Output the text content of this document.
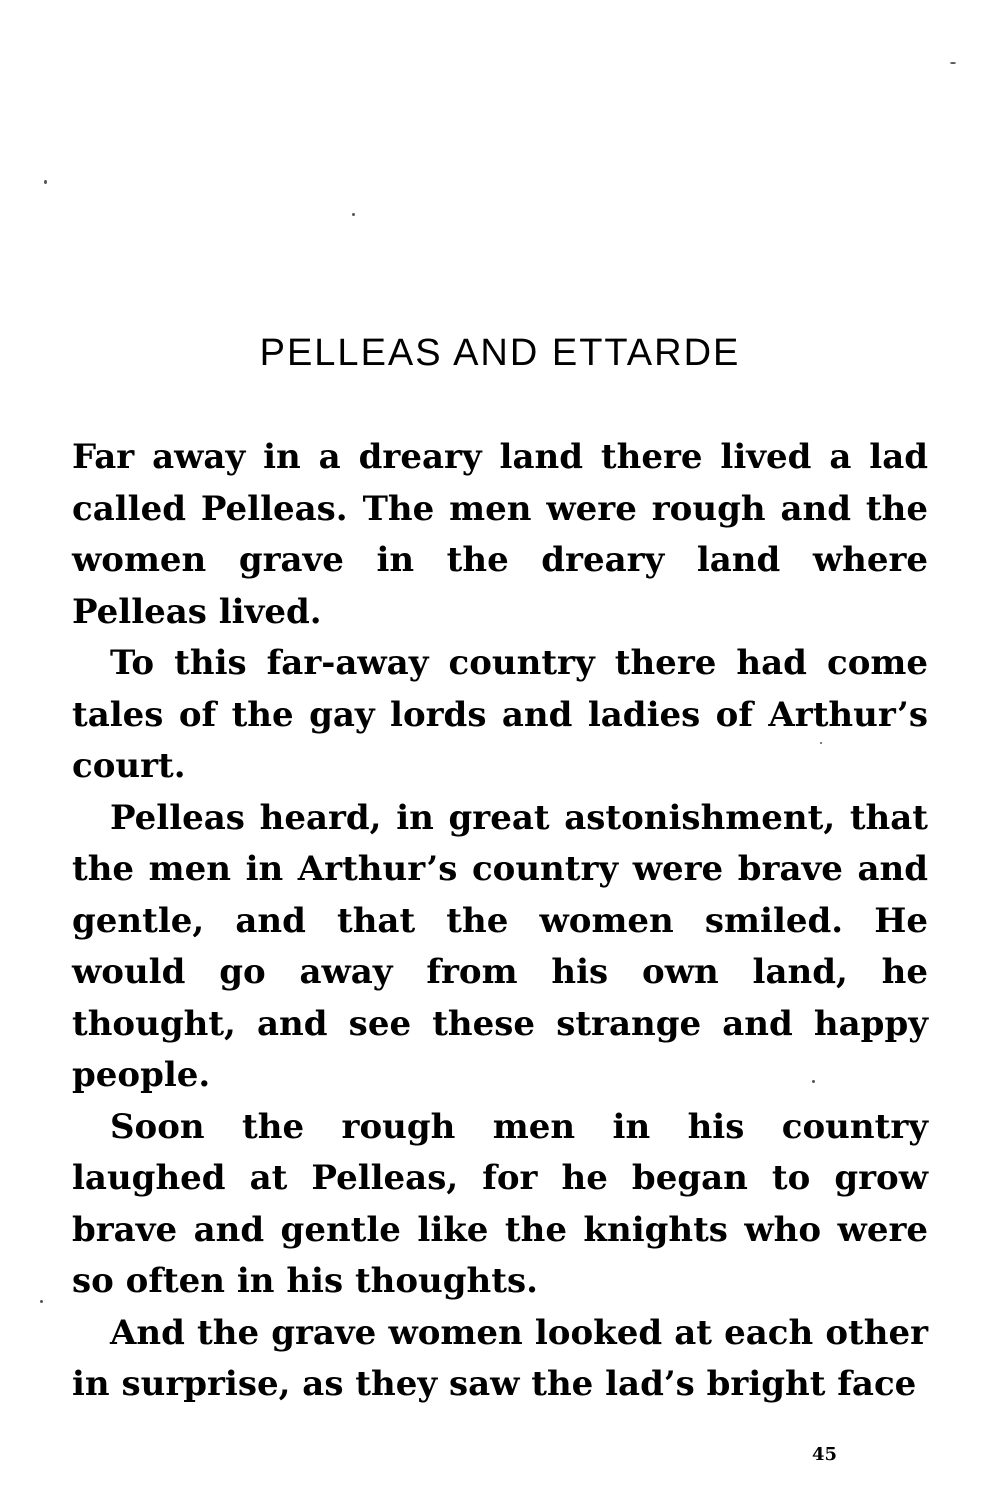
PELLEAS AND ETTARDE

Far away in a dreary land there lived a lad called Pelleas. The men were rough and the women grave in the dreary land where Pelleas lived.

To this far-away country there had come tales of the gay lords and ladies of Arthur’s court.

Pelleas heard, in great astonishment, that the men in Arthur’s country were brave and gentle, and that the women smiled. He would go away from his own land, he thought, and see these strange and happy people.

Soon the rough men in his country laughed at Pelleas, for he began to grow brave and gentle like the knights who were so often in his thoughts.

And the grave women looked at each other in surprise, as they saw the lad’s bright face

45
